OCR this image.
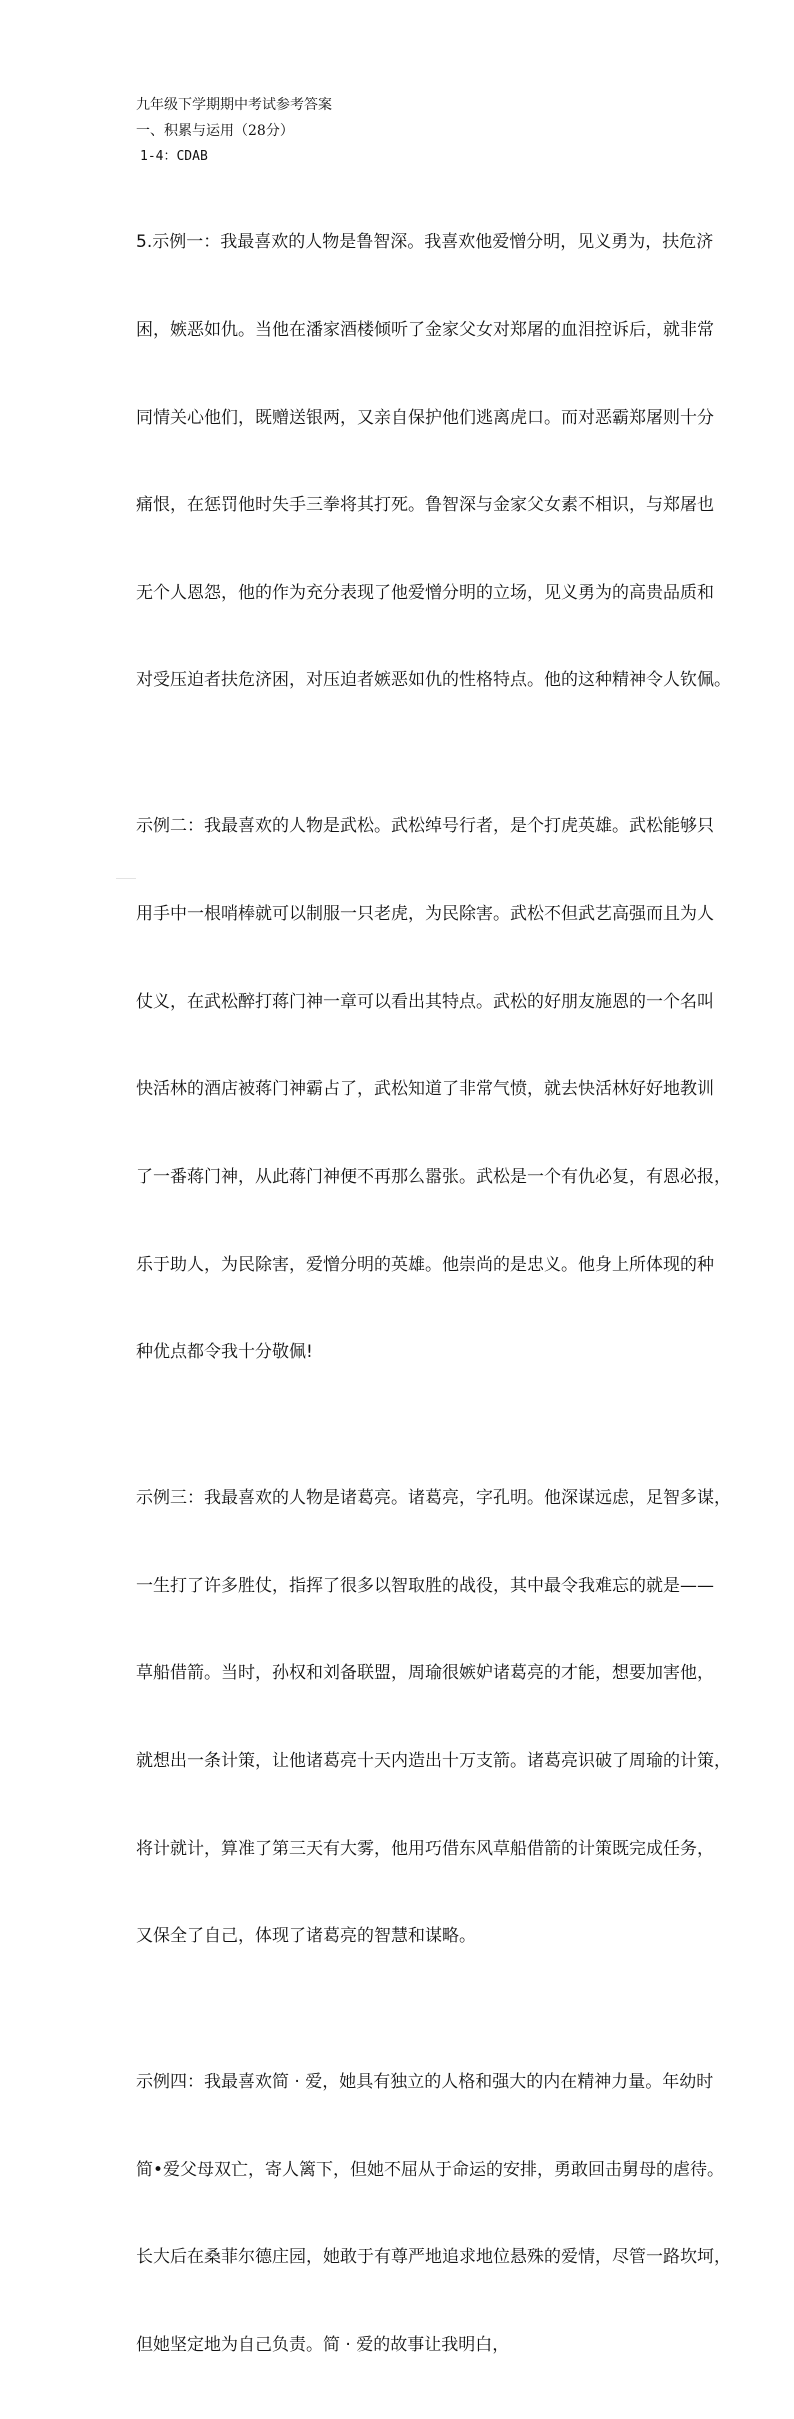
九年级下学期期中考试参考答案

一、积累与运用（28分）

1-4：CDAB

5.示例一：我最喜欢的人物是鲁智深。我喜欢他爱憎分明，见义勇为，扶危济

困，嫉恶如仇。当他在潘家酒楼倾听了金家父女对郑屠的血泪控诉后，就非常

同情关心他们，既赠送银两，又亲自保护他们逃离虎口。而对恶霸郑屠则十分

痛恨，在惩罚他时失手三拳将其打死。鲁智深与金家父女素不相识，与郑屠也

无个人恩怨，他的作为充分表现了他爱憎分明的立场，见义勇为的高贵品质和

对受压迫者扶危济困，对压迫者嫉恶如仇的性格特点。他的这种精神令人钦佩。

示例二：我最喜欢的人物是武松。武松绰号行者，是个打虎英雄。武松能够只

用手中一根哨棒就可以制服一只老虎，为民除害。武松不但武艺高强而且为人

仗义，在武松醉打蒋门神一章可以看出其特点。武松的好朋友施恩的一个名叫

快活林的酒店被蒋门神霸占了，武松知道了非常气愤，就去快活林好好地教训

了一番蒋门神，从此蒋门神便不再那么嚣张。武松是一个有仇必复，有恩必报，

乐于助人，为民除害，爱憎分明的英雄。他崇尚的是忠义。他身上所体现的种

种优点都令我十分敬佩!

示例三：我最喜欢的人物是诸葛亮。诸葛亮，字孔明。他深谋远虑，足智多谋，

一生打了许多胜仗，指挥了很多以智取胜的战役，其中最令我难忘的就是——

草船借箭。当时，孙权和刘备联盟，周瑜很嫉妒诸葛亮的才能，想要加害他，

就想出一条计策，让他诸葛亮十天内造出十万支箭。诸葛亮识破了周瑜的计策，

将计就计，算准了第三天有大雾，他用巧借东风草船借箭的计策既完成任务，

又保全了自己，体现了诸葛亮的智慧和谋略。

示例四：我最喜欢简 · 爱，她具有独立的人格和强大的内在精神力量。年幼时

简•爱父母双亡，寄人篱下，但她不屈从于命运的安排，勇敢回击舅母的虐待。

长大后在桑菲尔德庄园，她敢于有尊严地追求地位悬殊的爱情，尽管一路坎坷，

但她坚定地为自己负责。简 · 爱的故事让我明白，
